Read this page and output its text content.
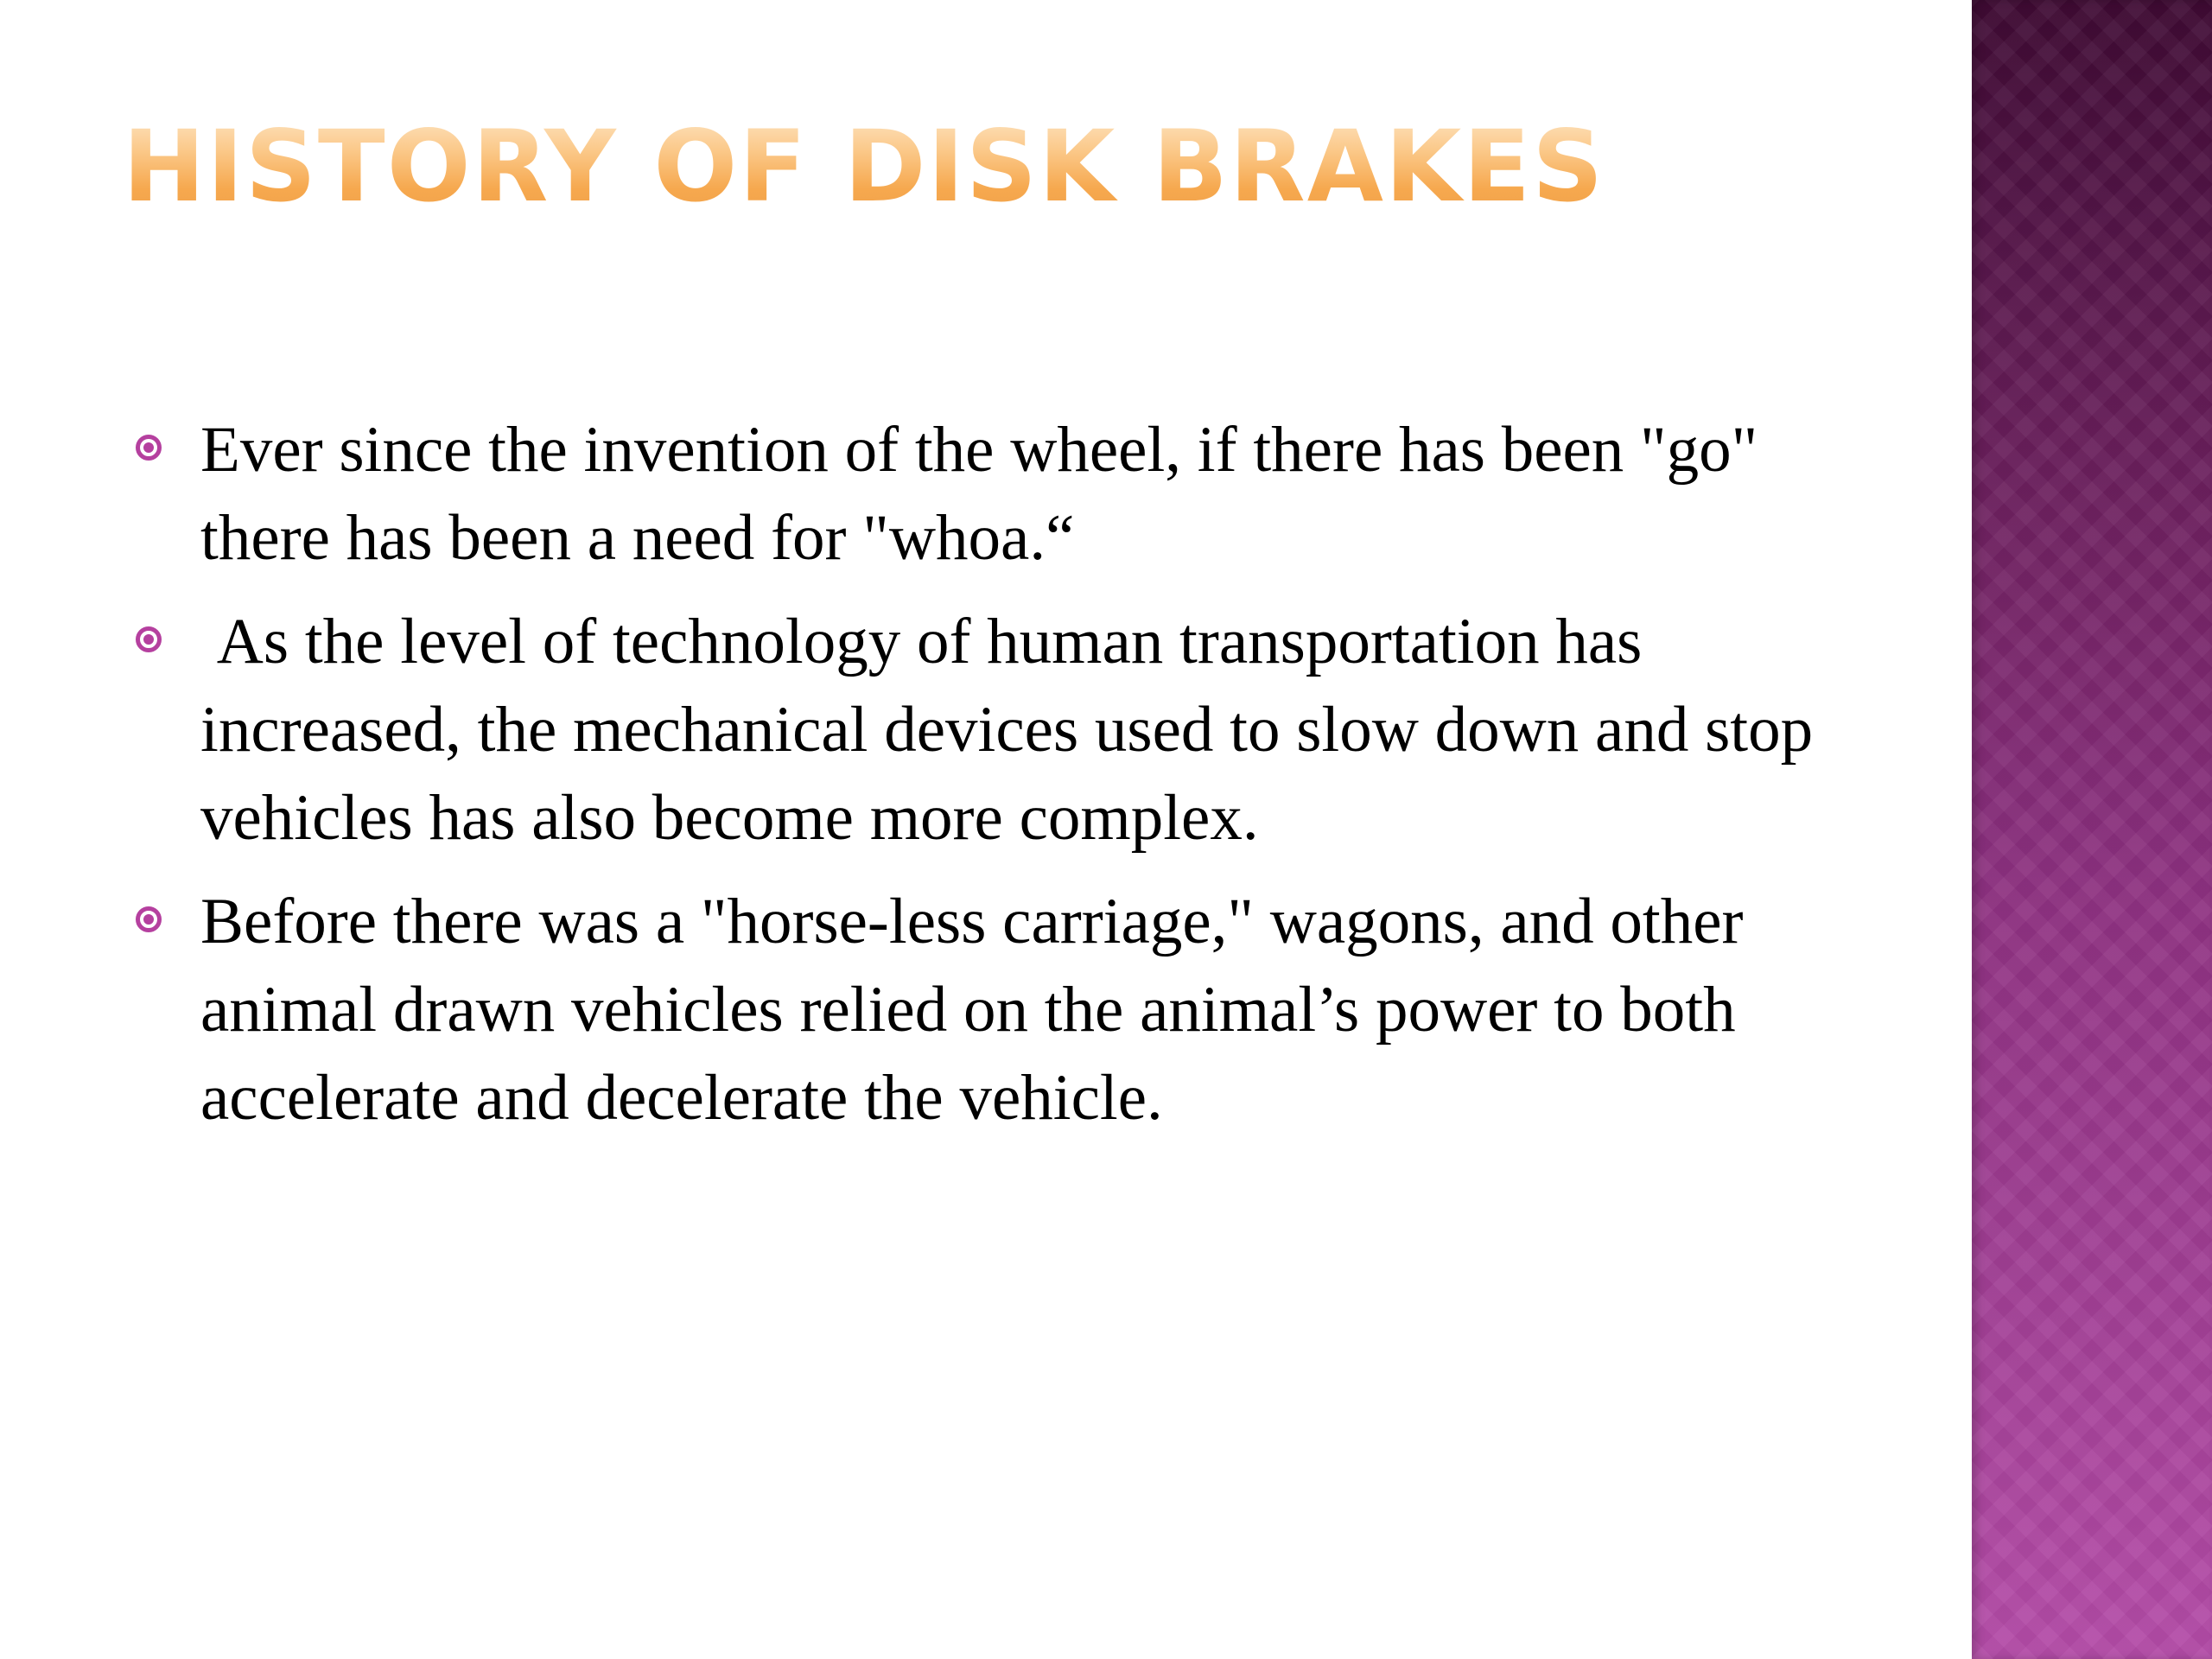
HISTORY OF DISK BRAKES
Ever since the invention of the wheel, if there has been "go" there has been a need for "whoa.“
As the level of technology of human transportation has increased, the mechanical devices used to slow down and stop vehicles has also become more complex.
Before there was a "horse-less carriage," wagons, and other animal drawn vehicles relied on the animal’s power to both accelerate and decelerate the vehicle.
